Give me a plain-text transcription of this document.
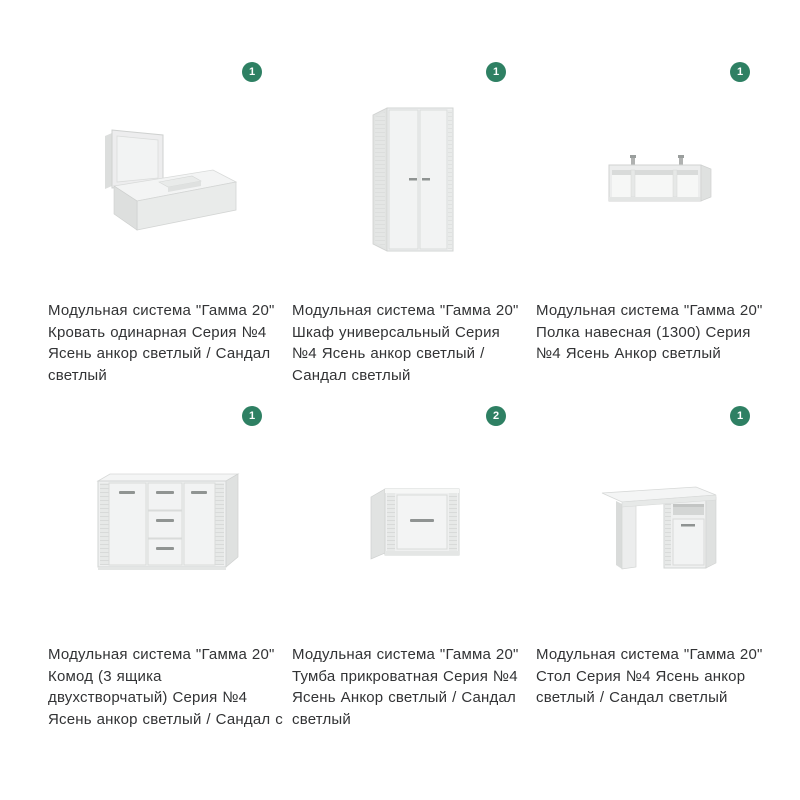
1
Модульная система "Гамма 20" Кровать одинарная Серия №4 Ясень анкор светлый / Сандал светлый
1
Модульная система "Гамма 20" Шкаф универсальный Серия №4 Ясень анкор светлый / Сандал светлый
1
Модульная система "Гамма 20" Полка навесная (1300) Серия №4 Ясень Анкор светлый
1
Модульная система "Гамма 20" Комод (3 ящика двухстворчатый) Серия №4 Ясень анкор светлый / Сандал с
2
Модульная система "Гамма 20" Тумба прикроватная Серия №4 Ясень Анкор светлый / Сандал светлый
1
Модульная система "Гамма 20" Стол Серия №4 Ясень анкор светлый / Сандал светлый
